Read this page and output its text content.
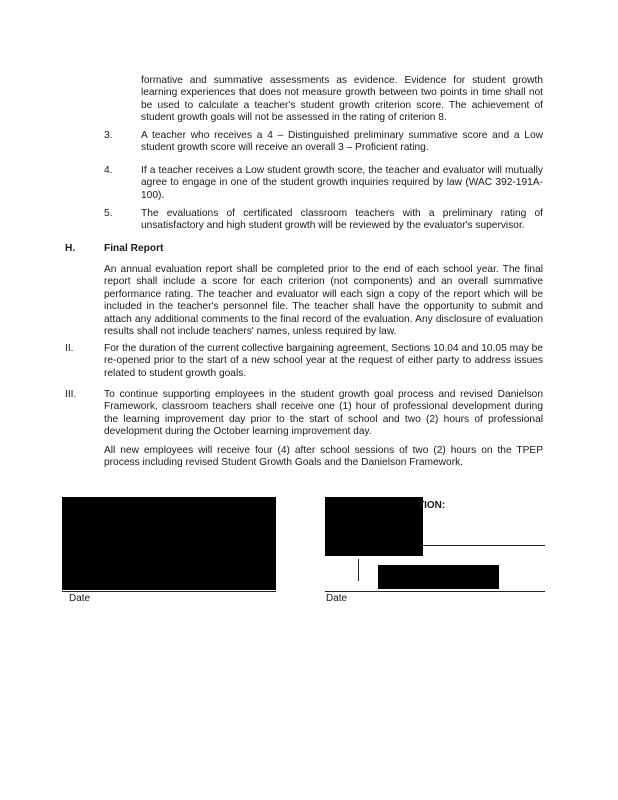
formative and summative assessments as evidence. Evidence for student growth learning experiences that does not measure growth between two points in time shall not be used to calculate a teacher's student growth criterion score. The achievement of student growth goals will not be assessed in the rating of criterion 8.

3.	A teacher who receives a 4 – Distinguished preliminary summative score and a Low student growth score will receive an overall 3 – Proficient rating.

4.	If a teacher receives a Low student growth score, the teacher and evaluator will mutually agree to engage in one of the student growth inquiries required by law (WAC 392-191A-100).

5.	The evaluations of certificated classroom teachers with a preliminary rating of unsatisfactory and high student growth will be reviewed by the evaluator's supervisor.

H.	Final Report

An annual evaluation report shall be completed prior to the end of each school year. The final report shall include a score for each criterion (not components) and an overall summative performance rating. The teacher and evaluator will each sign a copy of the report which will be included in the teacher's personnel file. The teacher shall have the opportunity to submit and attach any additional comments to the final record of the evaluation. Any disclosure of evaluation results shall not include teachers' names, unless required by law.

II.	For the duration of the current collective bargaining agreement, Sections 10.04 and 10.05 may be re-opened prior to the start of a new school year at the request of either party to address issues related to student growth goals.

III.	To continue supporting employees in the student growth goal process and revised Danielson Framework, classroom teachers shall receive one (1) hour of professional development during the learning improvement day prior to the start of school and two (2) hours of professional development during the October learning improvement day.

All new employees will receive four (4) after school sessions of two (2) hours on the TPEP process including revised Student Growth Goals and the Danielson Framework.

Date
TION:
Date
